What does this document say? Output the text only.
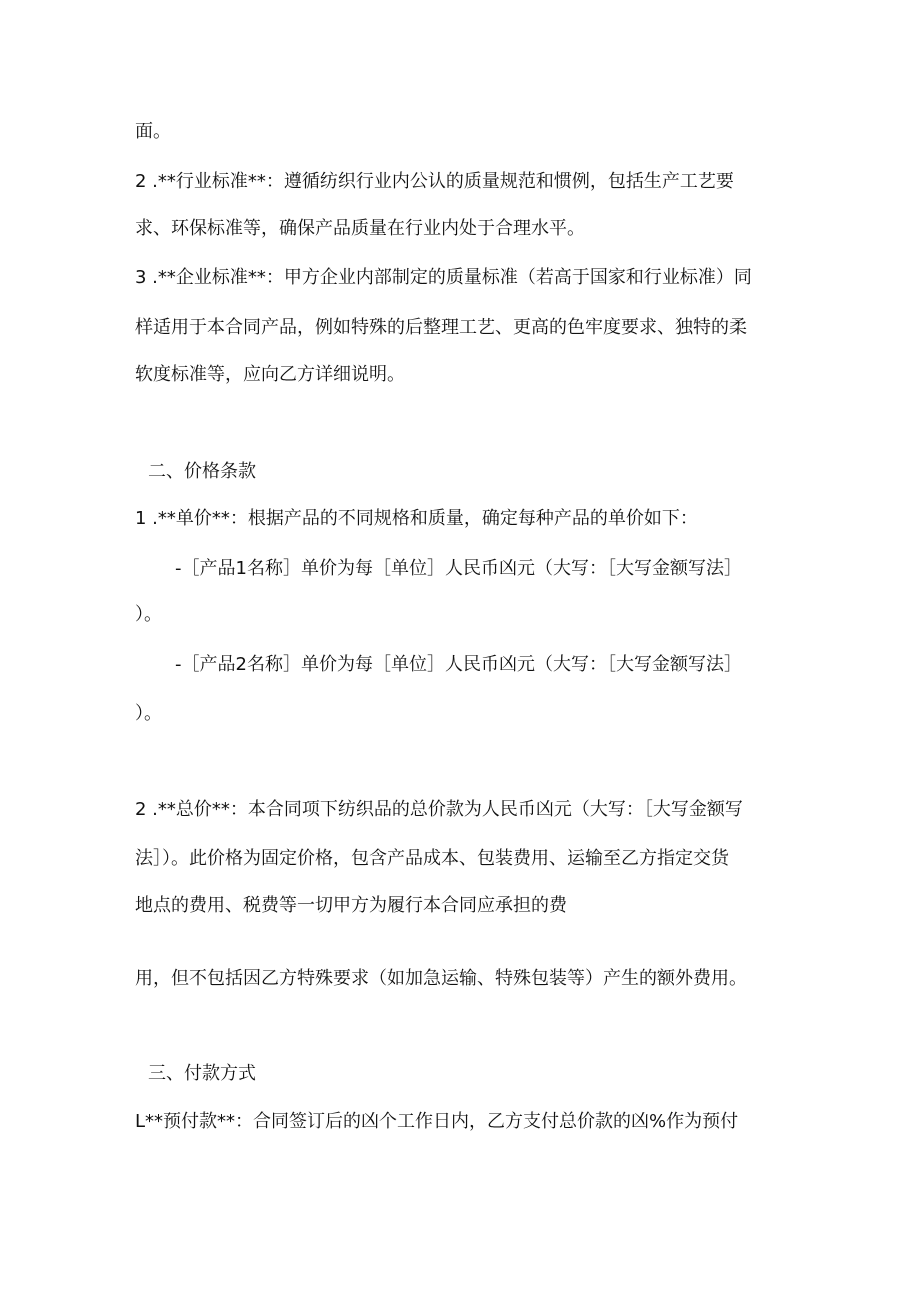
面。
2 .**行业标准**：遵循纺织行业内公认的质量规范和惯例，包括生产工艺要
求、环保标准等，确保产品质量在行业内处于合理水平。
3 .**企业标准**：甲方企业内部制定的质量标准（若高于国家和行业标准）同
样适用于本合同产品，例如特殊的后整理工艺、更高的色牢度要求、独特的柔
软度标准等，应向乙方详细说明。
二、价格条款
1 .**单价**：根据产品的不同规格和质量，确定每种产品的单价如下：
-［产品1名称］单价为每［单位］人民币凶元（大写：［大写金额写法］
）。
-［产品2名称］单价为每［单位］人民币凶元（大写：［大写金额写法］
）。
2 .**总价**：本合同项下纺织品的总价款为人民币凶元（大写：［大写金额写
法］）。此价格为固定价格，包含产品成本、包装费用、运输至乙方指定交货
地点的费用、税费等一切甲方为履行本合同应承担的费
用，但不包括因乙方特殊要求（如加急运输、特殊包装等）产生的额外费用。
三、付款方式
L**预付款**：合同签订后的凶个工作日内，乙方支付总价款的凶%作为预付
